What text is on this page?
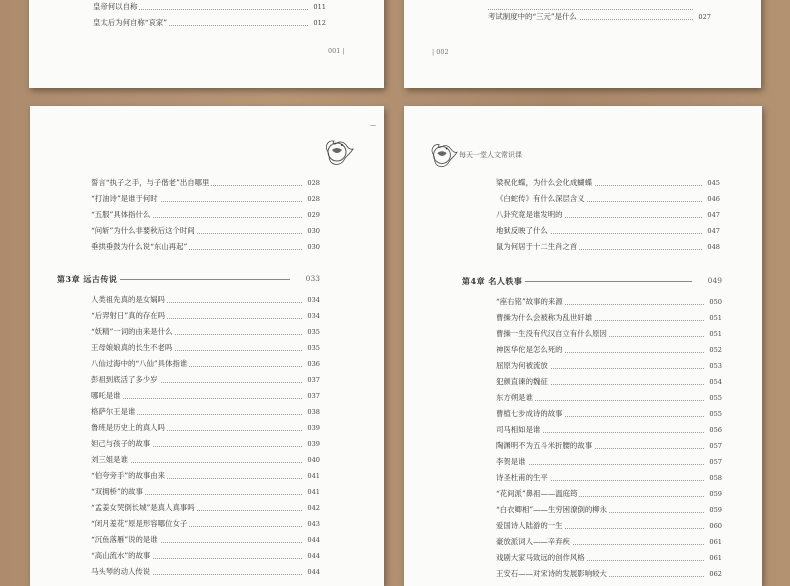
皇帝何以自称	011
皇太后为何自称“哀家”	012
001 |
考试制度中的“三元”是什么	027
| 002
—
誓言“执子之手，与子偕老”出自哪里	028
“打油诗”是谁于何时	028
“五服”具体指什么	029
“问斩”为什么非要秋后这个时间	030
垂拱垂鼓为什么说“东山再起”	030
第3章 远古传说	033
人类祖先真的是女娲吗	034
“后羿射日”真的存在吗	034
“妖精”一词的由来是什么	035
王母娘娘真的长生不老吗	035
八仙过海中的“八仙”具体指谁	036
彭祖到底活了多少岁	037
哪吒是谁	037
格萨尔王是谁	038
鲁班是历史上的真人吗	039
妲己与孩子的故事	039
刘三姐是谁	040
“伯夸旁手”的故事由来	041
“双拥桥”的故事	041
“孟姜女哭倒长城”是真人真事吗	042
“闭月羞花”原是形容哪位女子	043
“沉鱼落雁”说的是谁	044
“高山流水”的故事	044
马头琴的动人传说	044
每天一堂人文常识课
梁祝化蝶，为什么会化成蝴蝶	045
《白蛇传》有什么深层含义	046
八卦究竟是谁发明的	047
地狱反映了什么	047
鼠为何居于十二生肖之首	048
第4章 名人轶事	049
“座右铭”故事的来源	050
曹操为什么会被称为乱世奸雄	051
曹操一生没有代汉自立有什么原因	051
神医华佗是怎么死的	052
屈原为何被流放	053
犯颜直谏的魏征	054
东方朔是谁	055
曹植七步成诗的故事	055
司马相如是谁	056
陶渊明不为五斗米折腰的故事	057
李贺是谁	057
诗圣杜甫的生平	058
“花间派”鼻祖——温庭筠	059
“白衣卿相”——生穷困潦倒的柳永	059
爱国诗人陆游的一生	060
豪放派词人——辛弃疾	061
戏剧大家马致远的创作风格	061
王安石——对宋诗的发展影响较大	062
